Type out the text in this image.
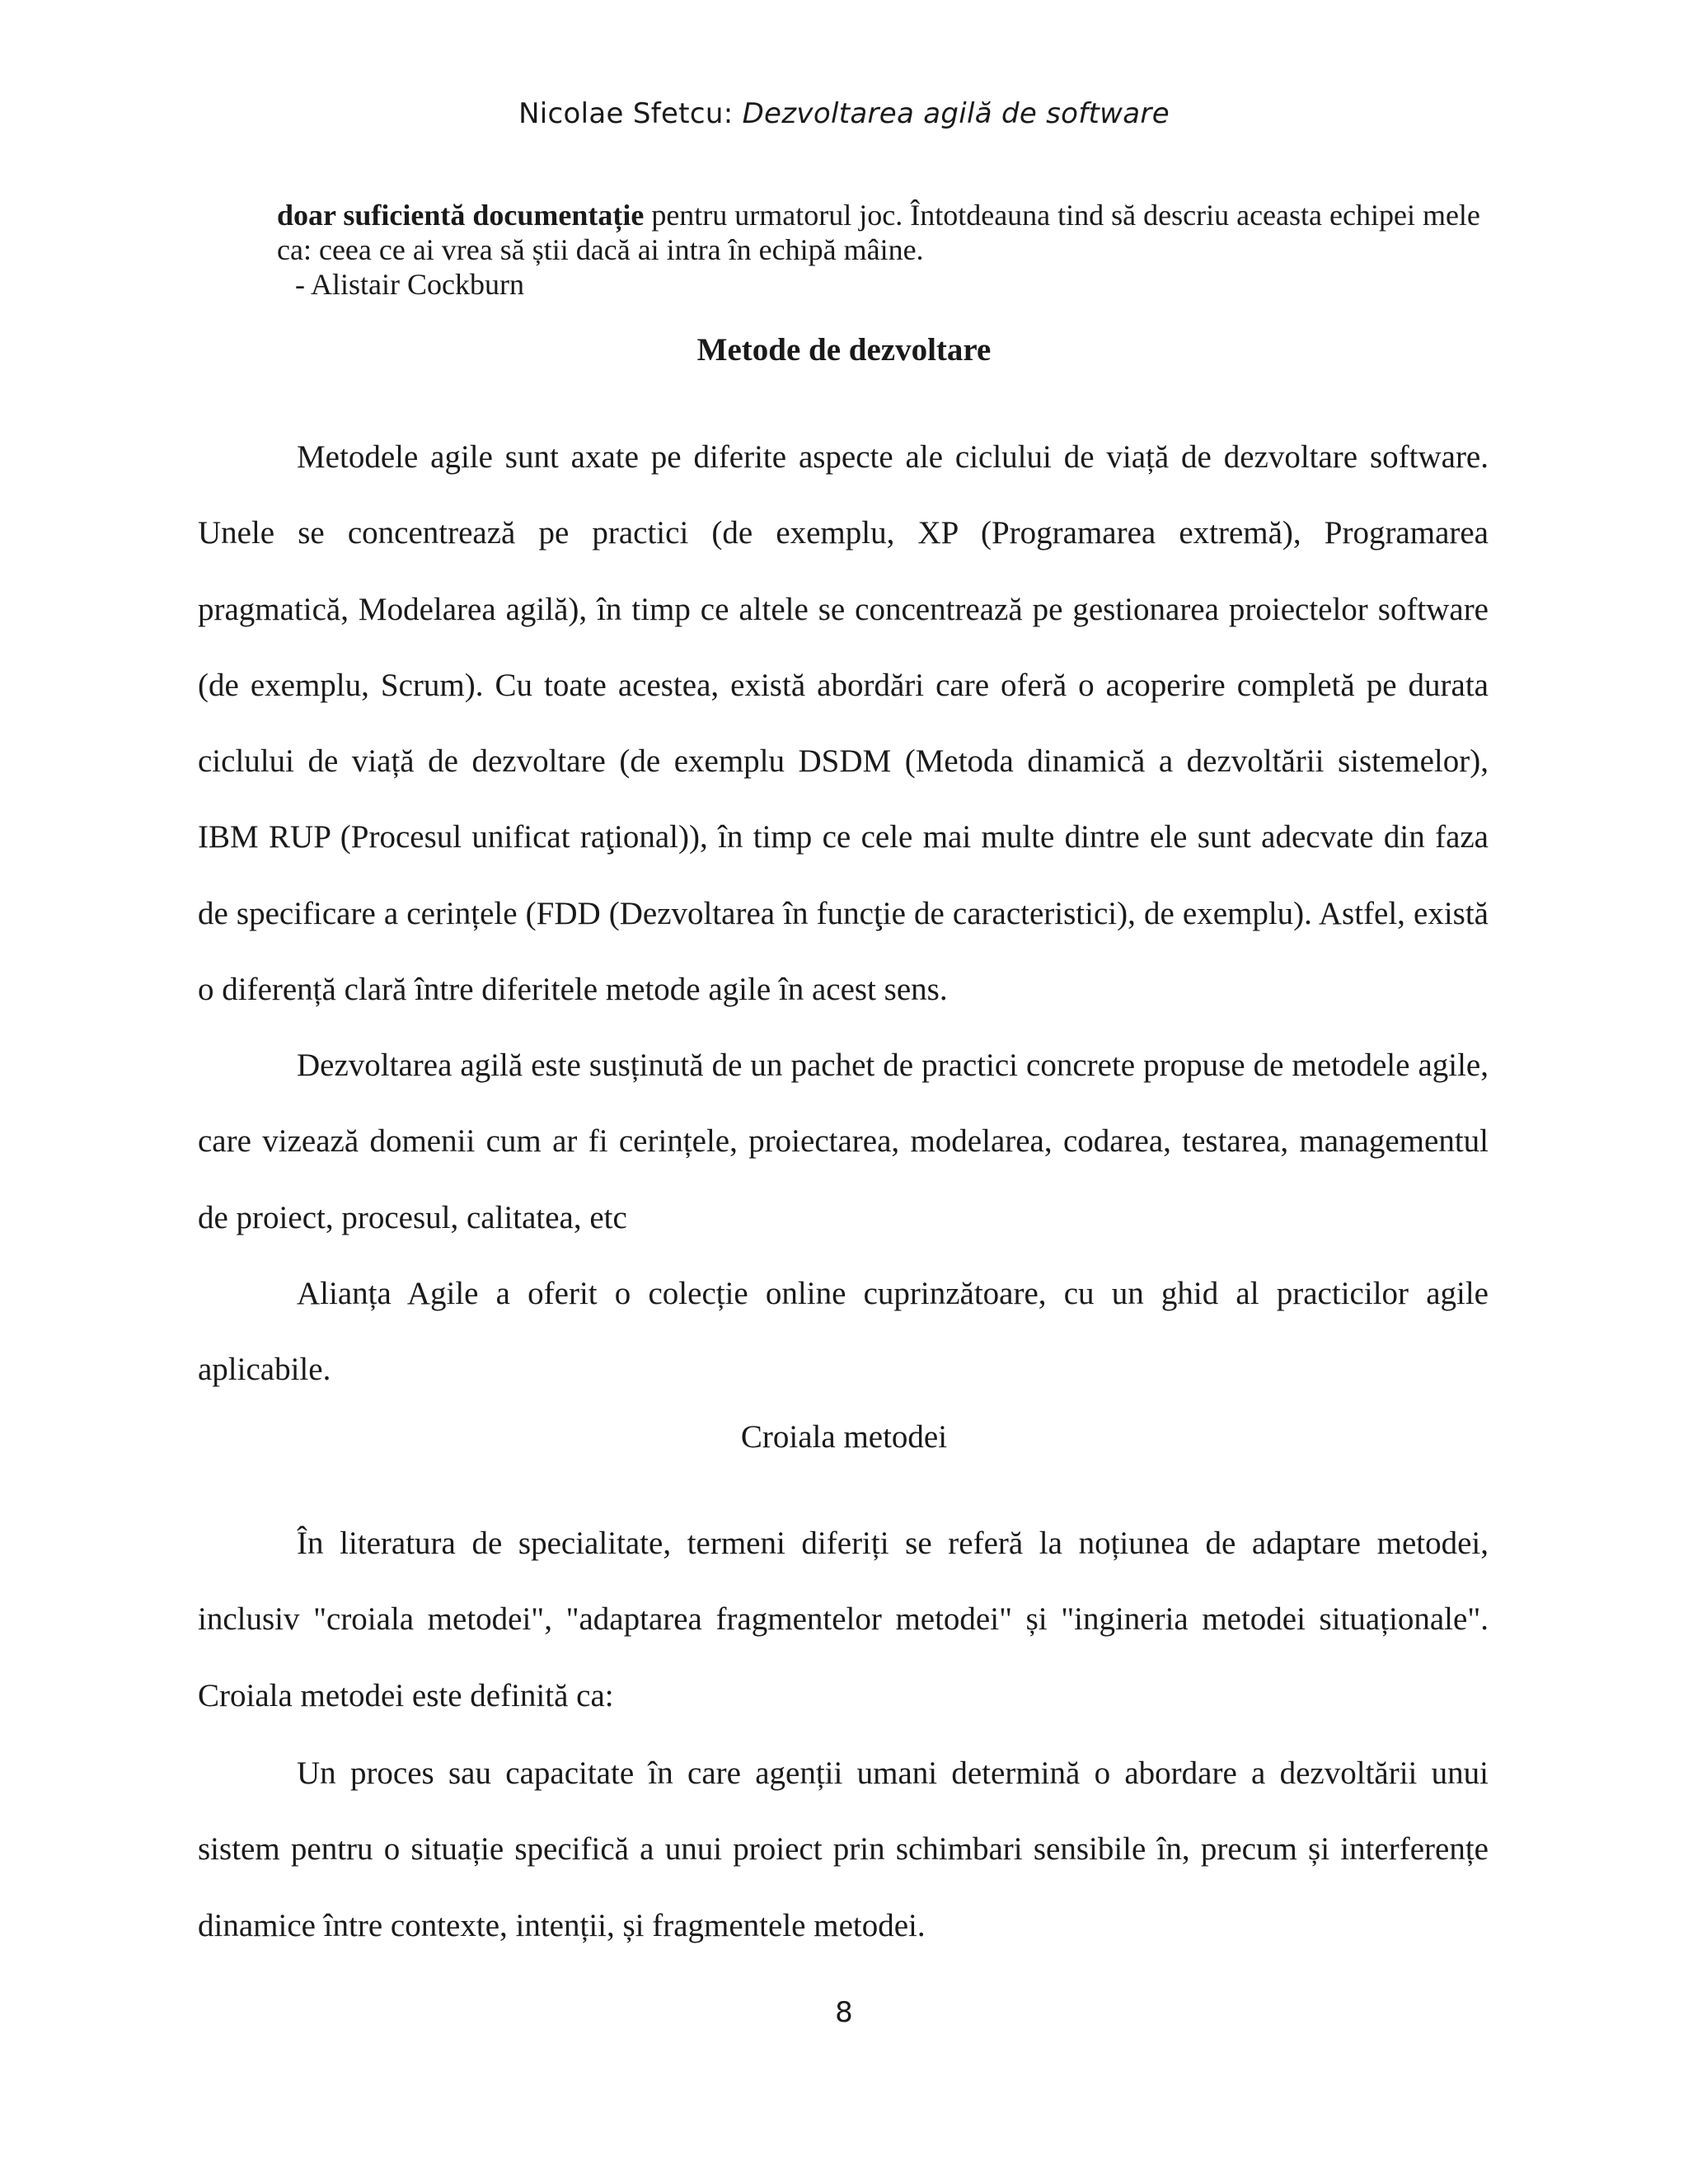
Nicolae Sfetcu: Dezvoltarea agilă de software
doar suficientă documentație pentru urmatorul joc. Întotdeauna tind să descriu aceasta echipei mele ca: ceea ce ai vrea să știi dacă ai intra în echipă mâine.
- Alistair Cockburn
Metode de dezvoltare

Metodele agile sunt axate pe diferite aspecte ale ciclului de viață de dezvoltare software. Unele se concentrează pe practici (de exemplu, XP (Programarea extremă), Programarea pragmatică, Modelarea agilă), în timp ce altele se concentrează pe gestionarea proiectelor software (de exemplu, Scrum). Cu toate acestea, există abordări care oferă o acoperire completă pe durata ciclului de viață de dezvoltare (de exemplu DSDM (Metoda dinamică a dezvoltării sistemelor), IBM RUP (Procesul unificat raţional)), în timp ce cele mai multe dintre ele sunt adecvate din faza de specificare a cerințele (FDD (Dezvoltarea în funcţie de caracteristici), de exemplu). Astfel, există o diferență clară între diferitele metode agile în acest sens.

Dezvoltarea agilă este susținută de un pachet de practici concrete propuse de metodele agile, care vizează domenii cum ar fi cerințele, proiectarea, modelarea, codarea, testarea, managementul de proiect, procesul, calitatea, etc

Alianța Agile a oferit o colecție online cuprinzătoare, cu un ghid al practicilor agile aplicabile.

Croiala metodei

În literatura de specialitate, termeni diferiți se referă la noțiunea de adaptare metodei, inclusiv "croiala metodei", "adaptarea fragmentelor metodei" și "ingineria metodei situaționale". Croiala metodei este definită ca:

Un proces sau capacitate în care agenții umani determină o abordare a dezvoltării unui sistem pentru o situație specifică a unui proiect prin schimbari sensibile în, precum și interferențe dinamice între contexte, intenții, și fragmentele metodei.

8
